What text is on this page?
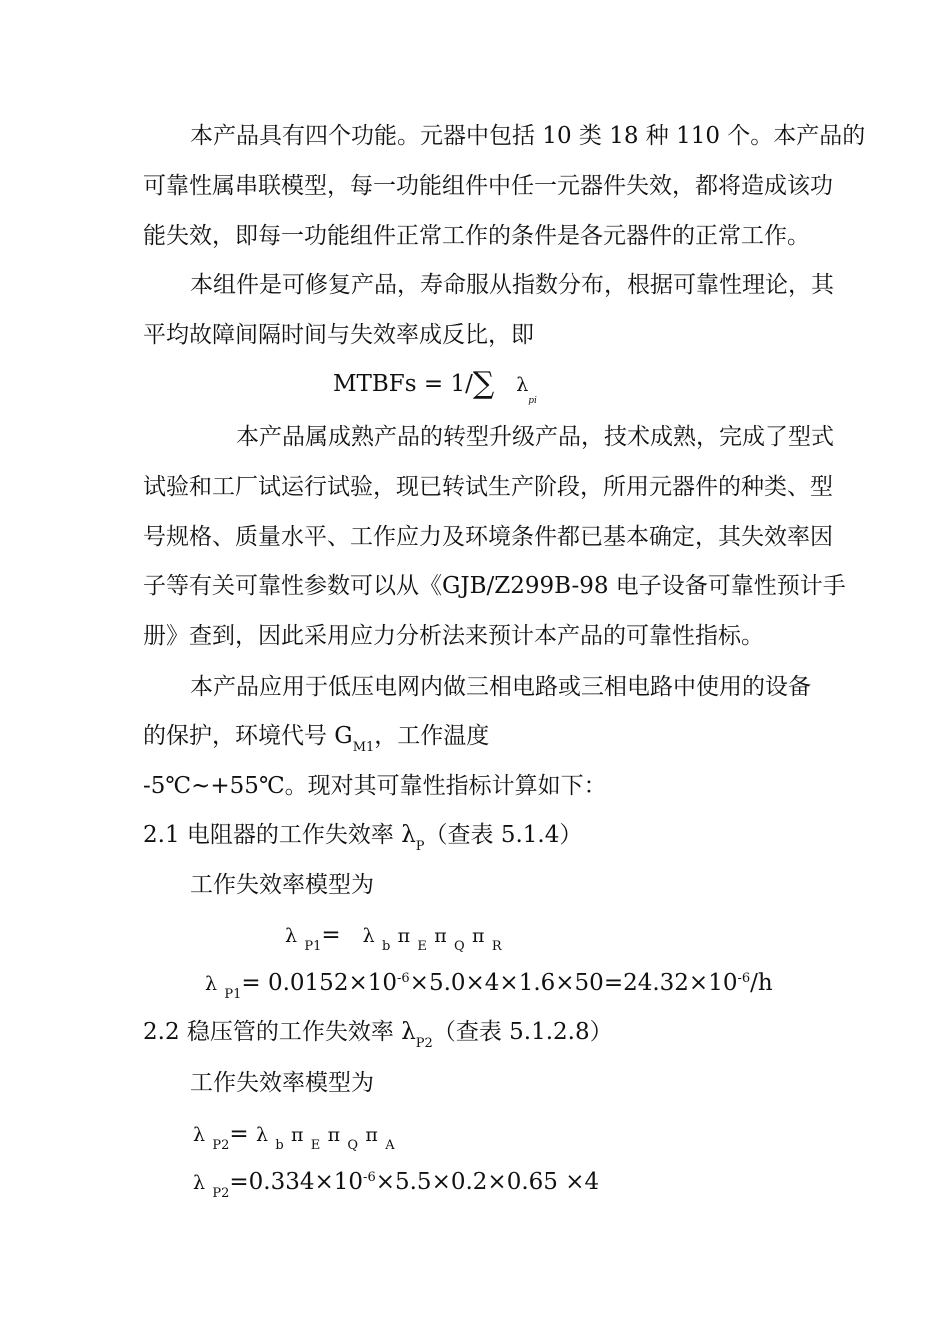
本产品具有四个功能。元器中包括 10 类 18 种 110 个。本产品的
可靠性属串联模型，每一功能组件中任一元器件失效，都将造成该功
能失效，即每一功能组件正常工作的条件是各元器件的正常工作。
本组件是可修复产品，寿命服从指数分布，根据可靠性理论，其
平均故障间隔时间与失效率成反比，即
MTBFs = 1/∑ $\lambda_{pi}$
本产品属成熟产品的转型升级产品，技术成熟，完成了型式
试验和工厂试运行试验，现已转试生产阶段，所用元器件的种类、型
号规格、质量水平、工作应力及环境条件都已基本确定，其失效率因
子等有关可靠性参数可以从《GJB/Z299B-98 电子设备可靠性预计手
册》查到，因此采用应力分析法来预计本产品的可靠性指标。
本产品应用于低压电网内做三相电路或三相电路中使用的设备
的保护，环境代号 $G_{M1}$，工作温度
-5℃~+55℃。现对其可靠性指标计算如下：
2.1 电阻器的工作失效率 $\lambda_P$（查表 5.1.4）
工作失效率模型为
λ $_{P1}$=   λ $_b$ π $_E$ π $_Q$ π $_R$
λ $_{P1}= 0.0152\times 10^{-6}\times 5.0\times 4\times 1.6\times 50=24.32\times 10^{-6}/h$
2.2 稳压管的工作失效率 $\lambda_{P2}$（查表 5.1.2.8）
工作失效率模型为
λ $_{P2}$= λ $_b$ π $_E$ π $_Q$ π $_A$
λ $_{P2}=0.334\times 10^{-6}\times 5.5\times 0.2\times 0.65 \times 4$
